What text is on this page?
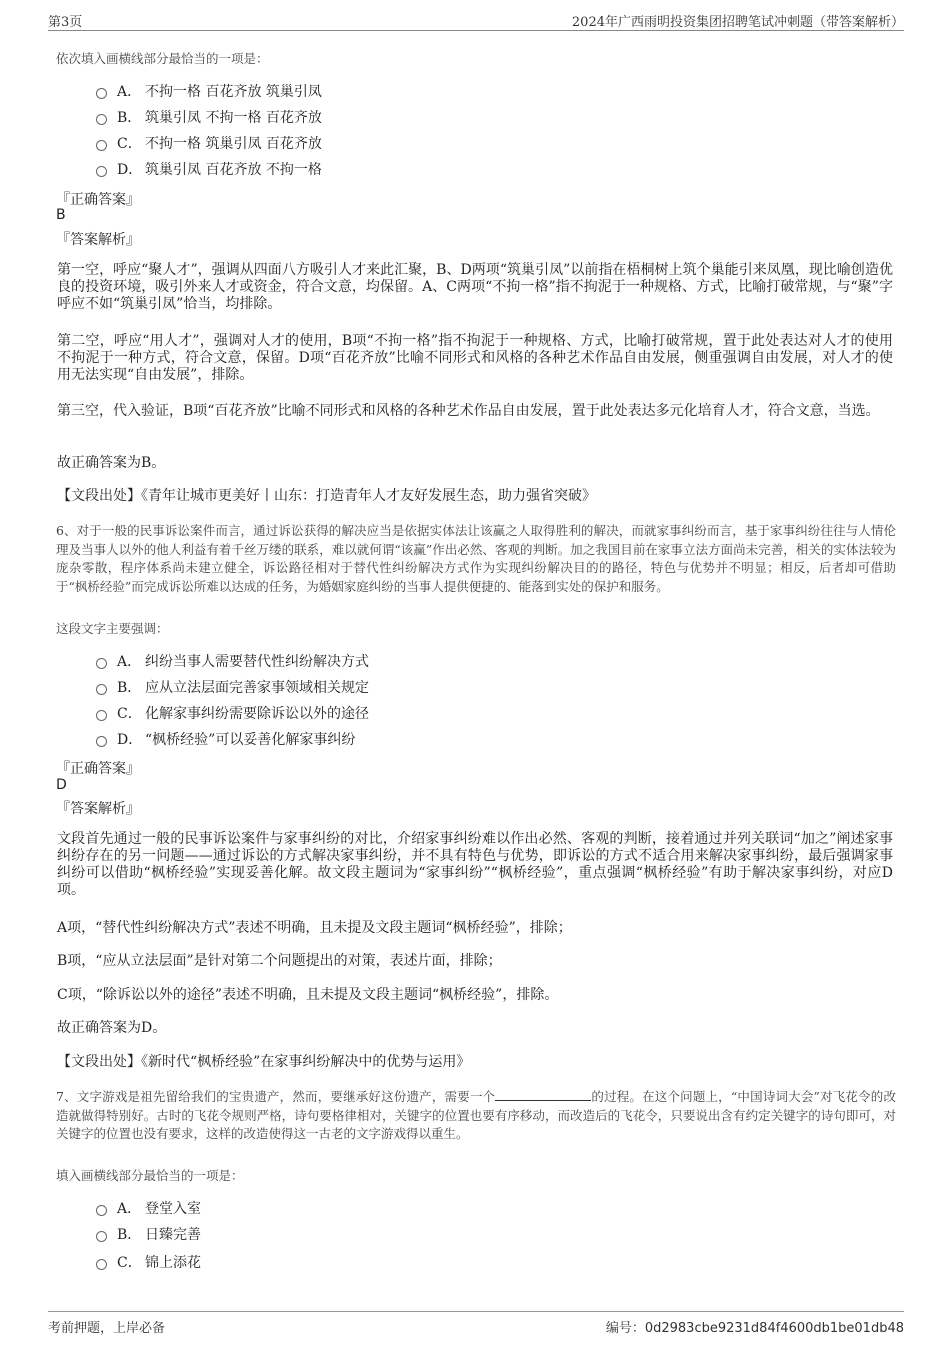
第3页	2024年广西雨明投资集团招聘笔试冲刺题（带答案解析）
依次填入画横线部分最恰当的一项是：
A． 不拘一格 百花齐放 筑巢引凤
B． 筑巢引凤 不拘一格 百花齐放
C． 不拘一格 筑巢引凤 百花齐放
D． 筑巢引凤 百花齐放 不拘一格
『正确答案』
B
『答案解析』
第一空，呼应“聚人才”，强调从四面八方吸引人才来此汇聚，B、D两项“筑巢引凤”以前指在梧桐树上筑个巢能引来凤凰，现比喻创造优良的投资环境，吸引外来人才或资金，符合文意，均保留。A、C两项“不拘一格”指不拘泥于一种规格、方式，比喻打破常规，与“聚”字呼应不如“筑巢引凤”恰当，均排除。
第二空，呼应“用人才”，强调对人才的使用，B项“不拘一格”指不拘泥于一种规格、方式，比喻打破常规，置于此处表达对人才的使用不拘泥于一种方式，符合文意，保留。D项“百花齐放”比喻不同形式和风格的各种艺术作品自由发展，侧重强调自由发展，对人才的使用无法实现“自由发展”，排除。
第三空，代入验证，B项“百花齐放”比喻不同形式和风格的各种艺术作品自由发展，置于此处表达多元化培育人才，符合文意，当选。
故正确答案为B。
【文段出处】《青年让城市更美好丨山东：打造青年人才友好发展生态，助力强省突破》
6、对于一般的民事诉讼案件而言，通过诉讼获得的解决应当是依据实体法让该赢之人取得胜利的解决，而就家事纠纷而言，基于家事纠纷往往与人情伦理及当事人以外的他人利益有着千丝万缕的联系，难以就何谓“该赢”作出必然、客观的判断。加之我国目前在家事立法方面尚未完善，相关的实体法较为庞杂零散，程序体系尚未建立健全，诉讼路径相对于替代性纠纷解决方式作为实现纠纷解决目的的路径，特色与优势并不明显；相反，后者却可借助于“枫桥经验”而完成诉讼所难以达成的任务，为婚姻家庭纠纷的当事人提供便捷的、能落到实处的保护和服务。
这段文字主要强调：
A． 纠纷当事人需要替代性纠纷解决方式
B． 应从立法层面完善家事领域相关规定
C． 化解家事纠纷需要除诉讼以外的途径
D． “枫桥经验”可以妥善化解家事纠纷
『正确答案』
D
『答案解析』
文段首先通过一般的民事诉讼案件与家事纠纷的对比，介绍家事纠纷难以作出必然、客观的判断，接着通过并列关联词“加之”阐述家事纠纷存在的另一问题——通过诉讼的方式解决家事纠纷，并不具有特色与优势，即诉讼的方式不适合用来解决家事纠纷，最后强调家事纠纷可以借助“枫桥经验”实现妥善化解。故文段主题词为“家事纠纷”“枫桥经验”，重点强调“枫桥经验”有助于解决家事纠纷，对应D项。
A项，“替代性纠纷解决方式”表述不明确，且未提及文段主题词“枫桥经验”，排除；
B项，“应从立法层面”是针对第二个问题提出的对策，表述片面，排除；
C项，“除诉讼以外的途径”表述不明确，且未提及文段主题词“枫桥经验”，排除。
故正确答案为D。
【文段出处】《新时代“枫桥经验”在家事纠纷解决中的优势与运用》
7、文字游戏是祖先留给我们的宝贵遗产，然而，要继承好这份遗产，需要一个	的过程。在这个问题上，“中国诗词大会”对飞花令的改造就做得特别好。古时的飞花令规则严格，诗句要格律相对，关键字的位置也要有序移动，而改造后的飞花令，只要说出含有约定关键字的诗句即可，对关键字的位置也没有要求，这样的改造使得这一古老的文字游戏得以重生。
填入画横线部分最恰当的一项是：
A． 登堂入室
B． 日臻完善
C． 锦上添花
考前押题，上岸必备	编号：0d2983cbe9231d84f4600db1be01db48
